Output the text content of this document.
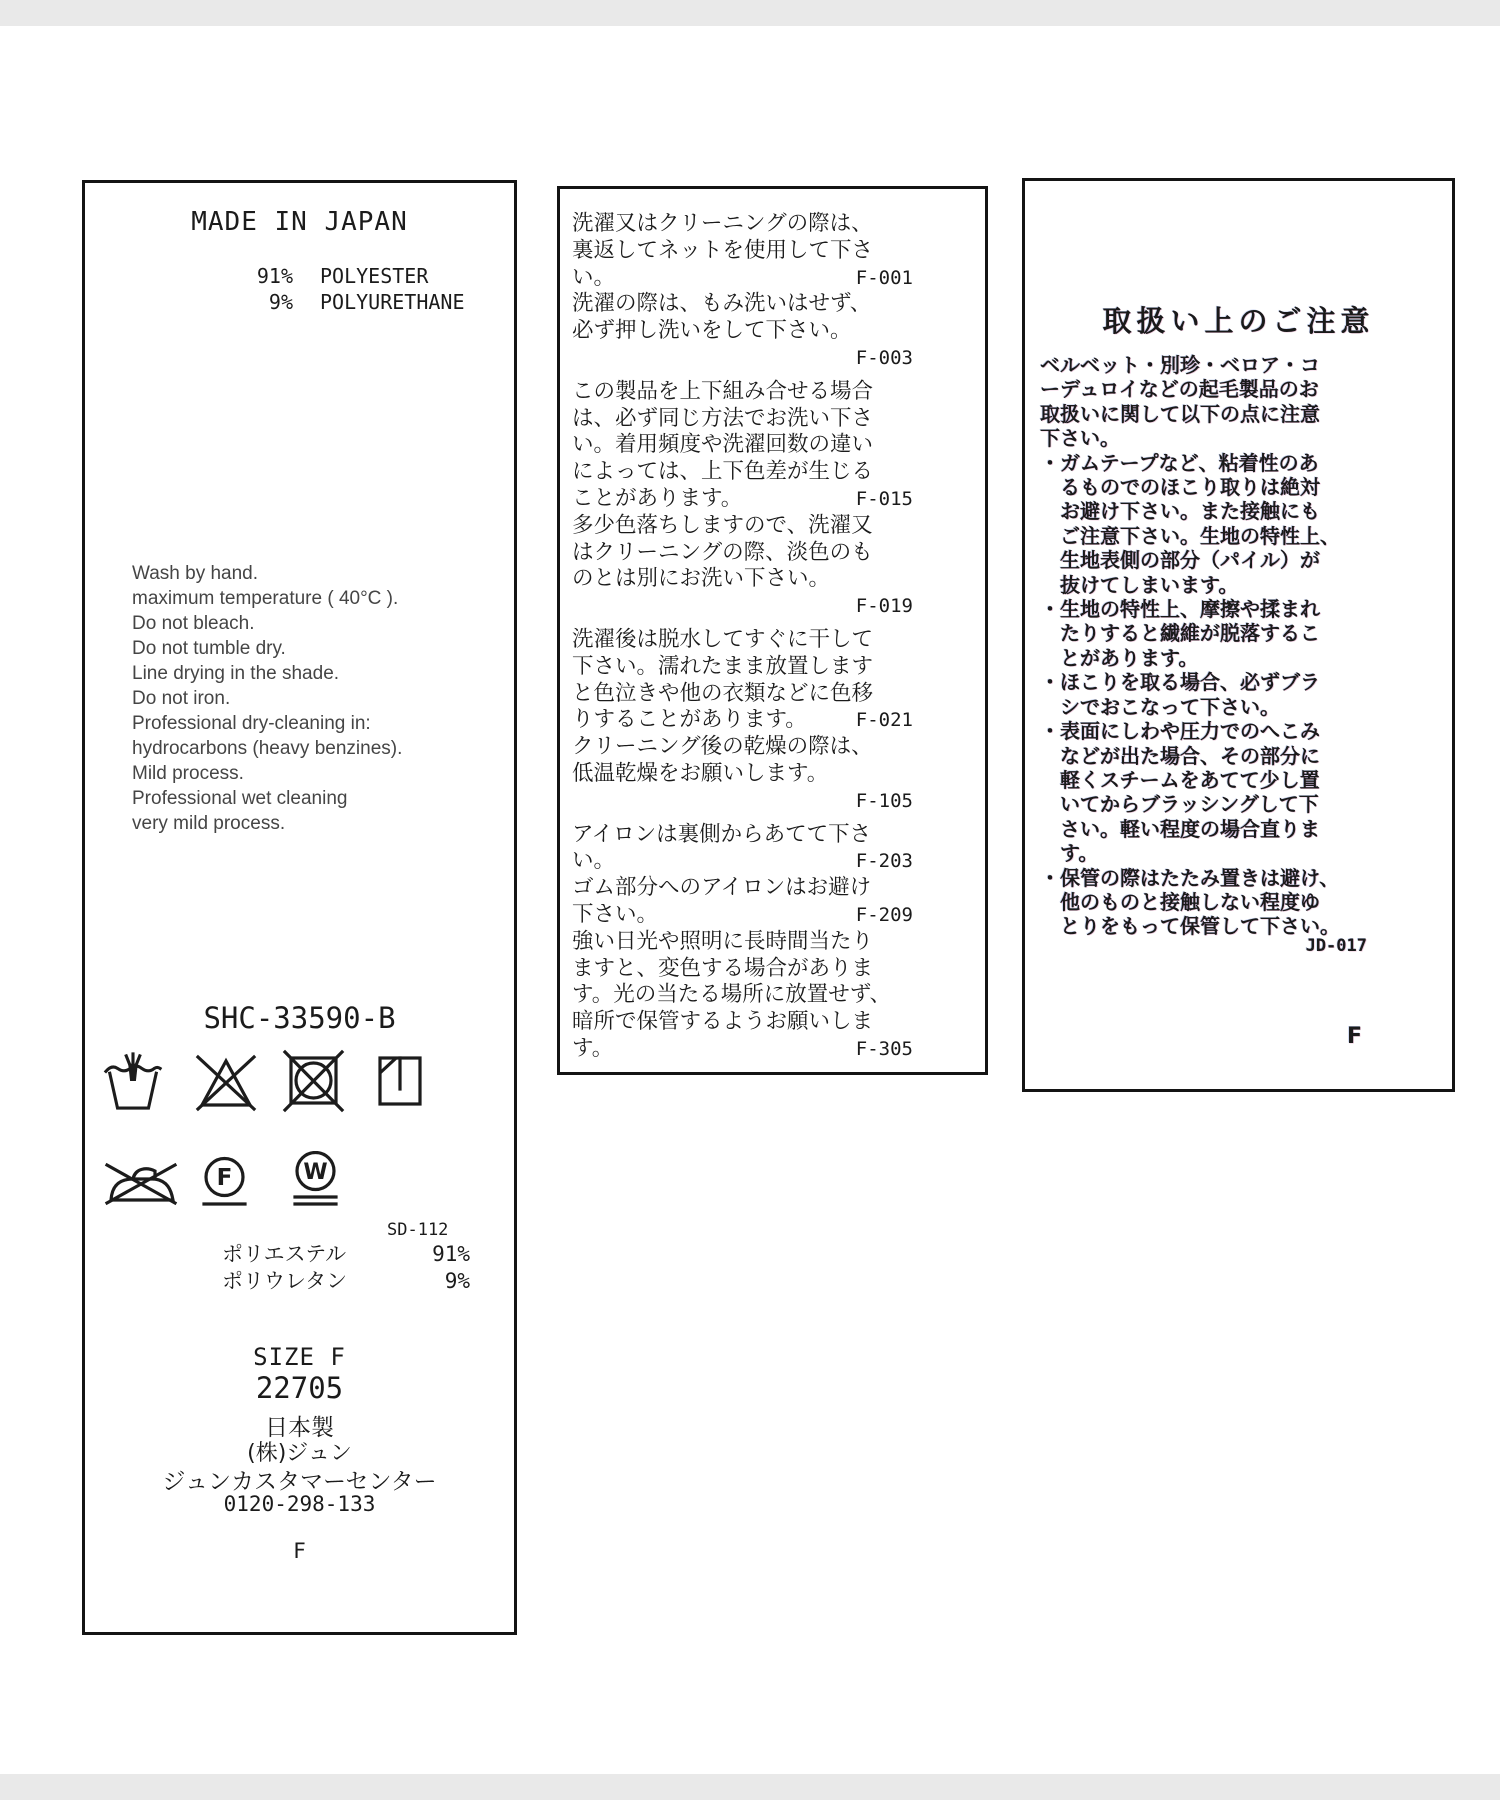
MADE IN JAPAN
91% POLYESTER
9% POLYURETHANE
Wash by hand.
maximum temperature ( 40°C ).
Do not bleach.
Do not tumble dry.
Line drying in the shade.
Do not iron.
Professional dry-cleaning in:
hydrocarbons (heavy benzines).
Mild process.
Professional wet cleaning
very mild process.
SHC-33590-B
F	W
SD-112
ポリエステル	91%
ポリウレタン	9%
SIZE F
22705
日本製
(株)ジュン
ジュンカスタマーセンター
0120-298-133
F
洗濯又はクリーニングの際は、
裏返してネットを使用して下さ
い。	F-001
洗濯の際は、もみ洗いはせず、
必ず押し洗いをして下さい。
F-003
この製品を上下組み合せる場合
は、必ず同じ方法でお洗い下さ
い。着用頻度や洗濯回数の違い
によっては、上下色差が生じる
ことがあります。	F-015
多少色落ちしますので、洗濯又
はクリーニングの際、淡色のも
のとは別にお洗い下さい。
F-019
洗濯後は脱水してすぐに干して
下さい。濡れたまま放置します
と色泣きや他の衣類などに色移
りすることがあります。	F-021
クリーニング後の乾燥の際は、
低温乾燥をお願いします。
F-105
アイロンは裏側からあてて下さ
い。	F-203
ゴム部分へのアイロンはお避け
下さい。	F-209
強い日光や照明に長時間当たり
ますと、変色する場合がありま
す。光の当たる場所に放置せず、
暗所で保管するようお願いしま
す。	F-305
取扱い上のご注意
ベルベット・別珍・ベロア・コ
ーデュロイなどの起毛製品のお
取扱いに関して以下の点に注意
下さい。
・ガムテープなど、粘着性のあ
　るものでのほこり取りは絶対
　お避け下さい。また接触にも
　ご注意下さい。生地の特性上、
　生地表側の部分（パイル）が
　抜けてしまいます。
・生地の特性上、摩擦や揉まれ
　たりすると繊維が脱落するこ
　とがあります。
・ほこりを取る場合、必ずブラ
　シでおこなって下さい。
・表面にしわや圧力でのへこみ
　などが出た場合、その部分に
　軽くスチームをあてて少し置
　いてからブラッシングして下
　さい。軽い程度の場合直りま
　す。
・保管の際はたたみ置きは避け、
　他のものと接触しない程度ゆ
　とりをもって保管して下さい。
JD-017
F
